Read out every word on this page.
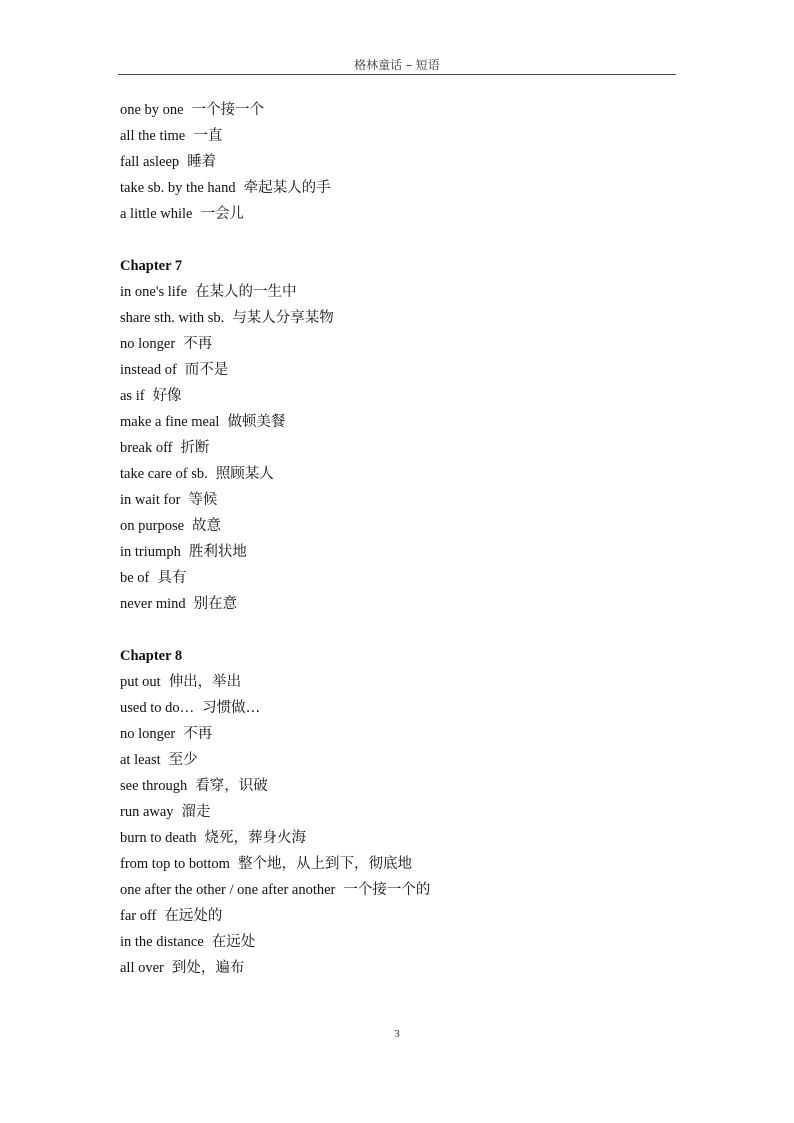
格林童话 – 短语
one by one 一个接一个
all the time 一直
fall asleep 睡着
take sb. by the hand 牵起某人的手
a little while 一会儿
Chapter 7
in one's life 在某人的一生中
share sth. with sb. 与某人分享某物
no longer 不再
instead of 而不是
as if 好像
make a fine meal 做顿美餐
break off 折断
take care of sb. 照顾某人
in wait for 等候
on purpose 故意
in triumph 胜利状地
be of 具有
never mind 别在意
Chapter 8
put out 伸出，举出
used to do… 习惯做…
no longer 不再
at least 至少
see through 看穿，识破
run away 溜走
burn to death 烧死，葬身火海
from top to bottom 整个地，从上到下，彻底地
one after the other / one after another 一个接一个的
far off 在远处的
in the distance 在远处
all over 到处，遍布
3
